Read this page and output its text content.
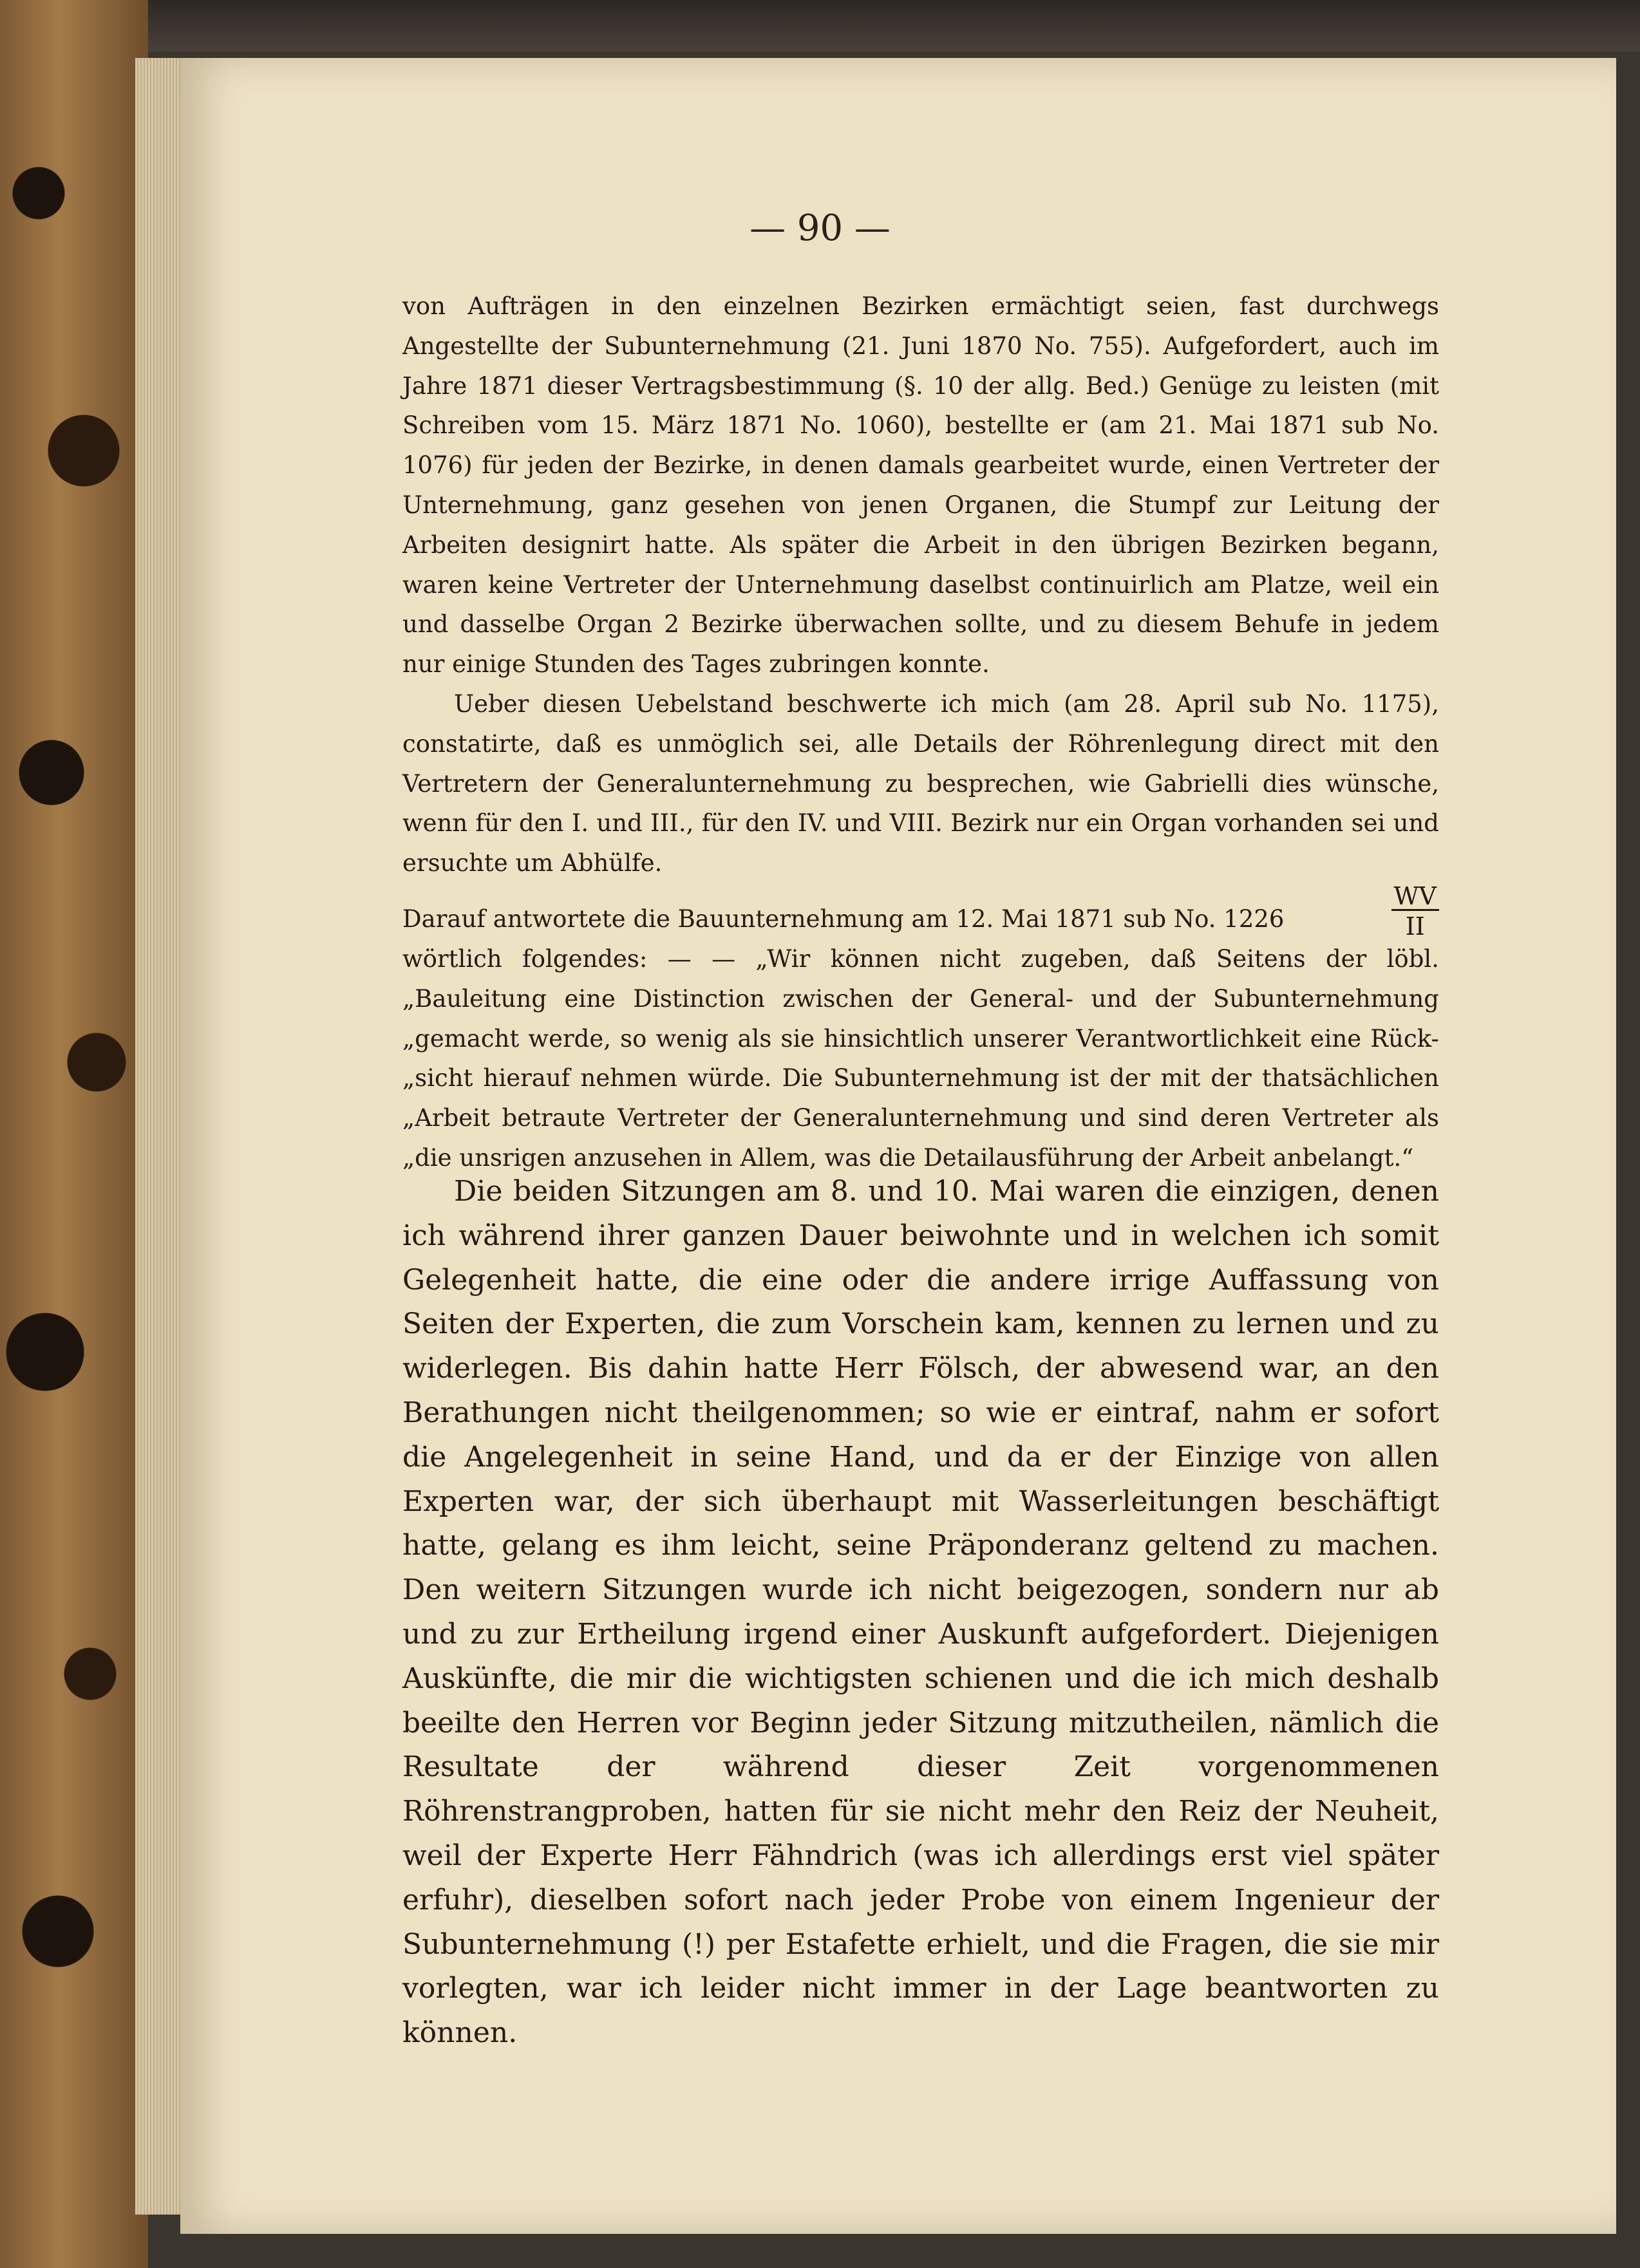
— 90 —

von Aufträgen in den einzelnen Bezirken ermächtigt seien, fast durchwegs Angestellte der Subunternehmung (21. Juni 1870 No. 755). Aufgefordert, auch im Jahre 1871 dieser Vertragsbestimmung (§. 10 der allg. Bed.) Genüge zu leisten (mit Schreiben vom 15. März 1871 No. 1060), bestellte er (am 21. Mai 1871 sub No. 1076) für jeden der Bezirke, in denen damals gearbeitet wurde, einen Vertreter der Unternehmung, ganz gesehen von jenen Organen, die Stumpf zur Leitung der Arbeiten designirt hatte. Als später die Arbeit in den übrigen Bezirken begann, waren keine Vertreter der Unternehmung daselbst continuirlich am Platze, weil ein und dasselbe Organ 2 Bezirke überwachen sollte, und zu diesem Behufe in jedem nur einige Stunden des Tages zubringen konnte.

Ueber diesen Uebelstand beschwerte ich mich (am 28. April sub No. 1175), constatirte, daß es unmöglich sei, alle Details der Röhrenlegung direct mit den Vertretern der Generalunternehmung zu besprechen, wie Gabrielli dies wünsche, wenn für den I. und III., für den IV. und VIII. Bezirk nur ein Organ vorhanden sei und ersuchte um Abhülfe.

Darauf antwortete die Bauunternehmung am 12. Mai 1871 sub No. 1226	$\frac{WV}{II}$

wörtlich folgendes: — — „Wir können nicht zugeben, daß Seitens der löbl. „Bauleitung eine Distinction zwischen der General- und der Subunternehmung „gemacht werde, so wenig als sie hinsichtlich unserer Verantwortlichkeit eine Rück- „sicht hierauf nehmen würde. Die Subunternehmung ist der mit der thatsächlichen „Arbeit betraute Vertreter der Generalunternehmung und sind deren Vertreter als „die unsrigen anzusehen in Allem, was die Detailausführung der Arbeit anbelangt.“

Die beiden Sitzungen am 8. und 10. Mai waren die einzigen, denen ich während ihrer ganzen Dauer beiwohnte und in welchen ich somit Gelegenheit hatte, die eine oder die andere irrige Auffassung von Seiten der Experten, die zum Vorschein kam, kennen zu lernen und zu widerlegen. Bis dahin hatte Herr Fölsch, der abwesend war, an den Berathungen nicht theilgenommen; so wie er eintraf, nahm er sofort die Angelegenheit in seine Hand, und da er der Einzige von allen Experten war, der sich überhaupt mit Wasserleitungen beschäftigt hatte, gelang es ihm leicht, seine Präponderanz geltend zu machen. Den weitern Sitzungen wurde ich nicht beigezogen, sondern nur ab und zu zur Ertheilung irgend einer Auskunft aufgefordert. Diejenigen Auskünfte, die mir die wichtigsten schienen und die ich mich deshalb beeilte den Herren vor Beginn jeder Sitzung mitzutheilen, nämlich die Resultate der während dieser Zeit vorgenommenen Röhrenstrangproben, hatten für sie nicht mehr den Reiz der Neuheit, weil der Experte Herr Fähndrich (was ich allerdings erst viel später erfuhr), dieselben sofort nach jeder Probe von einem Ingenieur der Subunternehmung (!) per Estafette erhielt, und die Fragen, die sie mir vorlegten, war ich leider nicht immer in der Lage beantworten zu können.
